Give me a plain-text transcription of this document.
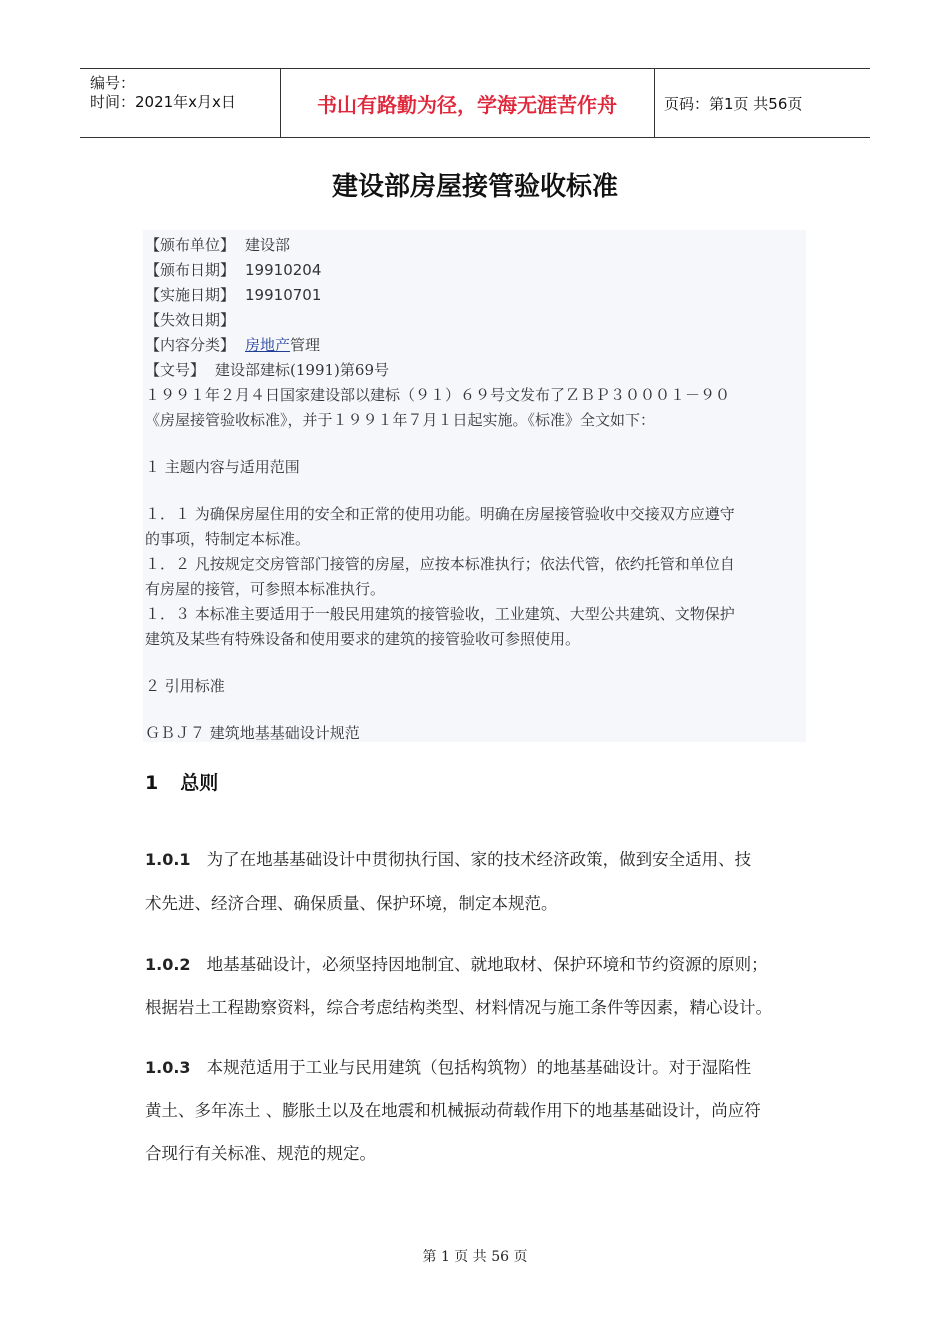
编号：
时间：2021年x月x日	书山有路勤为径，学海无涯苦作舟	页码：第1页 共56页
建设部房屋接管验收标准
【颁布单位】 建设部
【颁布日期】 19910204
【实施日期】 19910701
【失效日期】
【内容分类】 房地产管理
【文号】 建设部建标(1991)第69号
１９９１年２月４日国家建设部以建标（９１）６９号文发布了ＺＢＰ３０００１－９０
《房屋接管验收标准》，并于１９９１年７月１日起实施。《标准》全文如下：
１ 主题内容与适用范围
１．１ 为确保房屋住用的安全和正常的使用功能。明确在房屋接管验收中交接双方应遵守
的事项，特制定本标准。
１．２ 凡按规定交房管部门接管的房屋，应按本标准执行；依法代管，依约托管和单位自
有房屋的接管，可参照本标准执行。
１．３ 本标准主要适用于一般民用建筑的接管验收，工业建筑、大型公共建筑、文物保护
建筑及某些有特殊设备和使用要求的建筑的接管验收可参照使用。
２ 引用标准
ＧＢＪ７ 建筑地基基础设计规范
1 总则
1.0.1 为了在地基基础设计中贯彻执行国、家的技术经济政策，做到安全适用、技
术先进、经济合理、确保质量、保护环境，制定本规范。
1.0.2 地基基础设计，必须坚持因地制宜、就地取材、保护环境和节约资源的原则；
根据岩土工程勘察资料，综合考虑结构类型、材料情况与施工条件等因素，精心设计。
1.0.3 本规范适用于工业与民用建筑（包括构筑物）的地基基础设计。对于湿陷性
黄土、多年冻土 、膨胀土以及在地震和机械振动荷载作用下的地基基础设计，尚应符
合现行有关标准、规范的规定。
第 1 页 共 56 页
